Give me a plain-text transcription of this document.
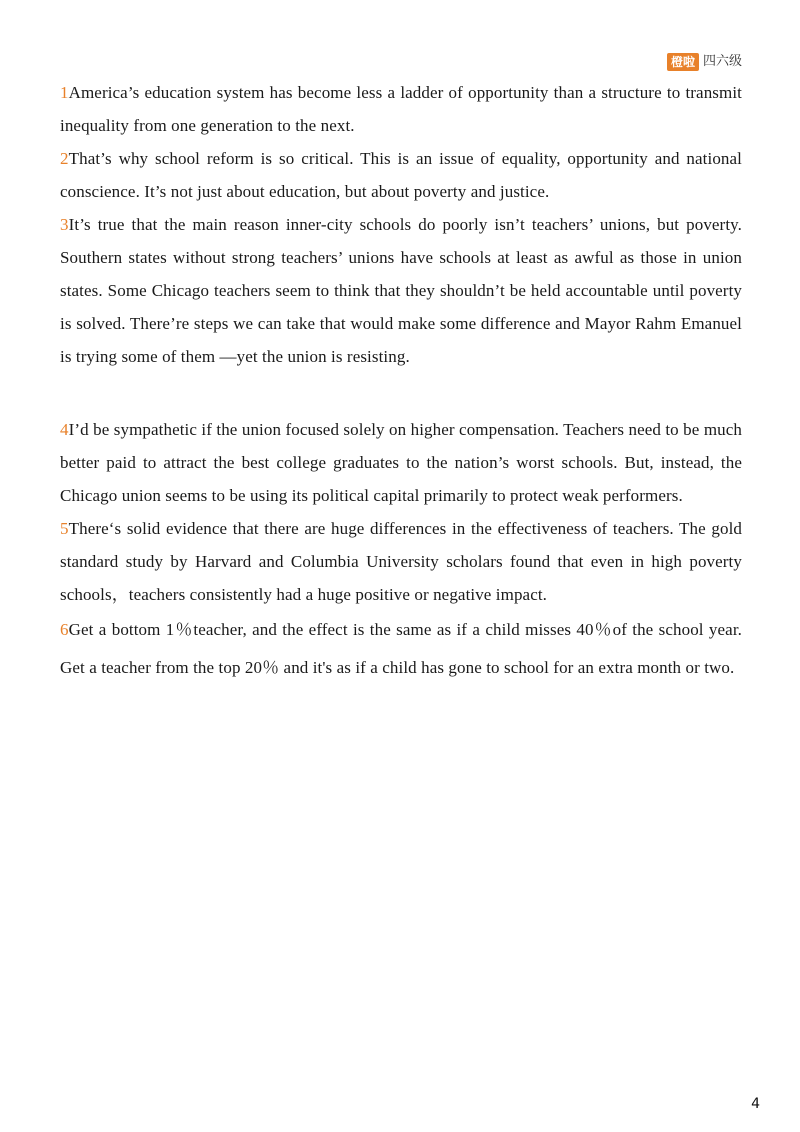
橙啦 四六级

1America’s education system has become less a ladder of opportunity than a structure to transmit inequality from one generation to the next.

2That’s why school reform is so critical. This is an issue of equality, opportunity and national conscience. It’s not just about education, but about poverty and justice.

3It’s true that the main reason inner-city schools do poorly isn’t teachers’ unions, but poverty. Southern states without strong teachers’ unions have schools at least as awful as those in union states. Some Chicago teachers seem to think that they shouldn’t be held accountable until poverty is solved. There’re steps we can take that would make some difference and Mayor Rahm Emanuel is trying some of them —yet the union is resisting.

4I’d be sympathetic if the union focused solely on higher compensation. Teachers need to be much better paid to attract the best college graduates to the nation’s worst schools. But, instead, the Chicago union seems to be using its political capital primarily to protect weak performers.

5There‘s solid evidence that there are huge differences in the effectiveness of teachers. The gold standard study by Harvard and Columbia University scholars found that even in high poverty schools，teachers consistently had a huge positive or negative impact.

6Get a bottom 1％teacher, and the effect is the same as if a child misses 40％of the school year. Get a teacher from the top 20％ and it's as if a child has gone to school for an extra month or two.

4
